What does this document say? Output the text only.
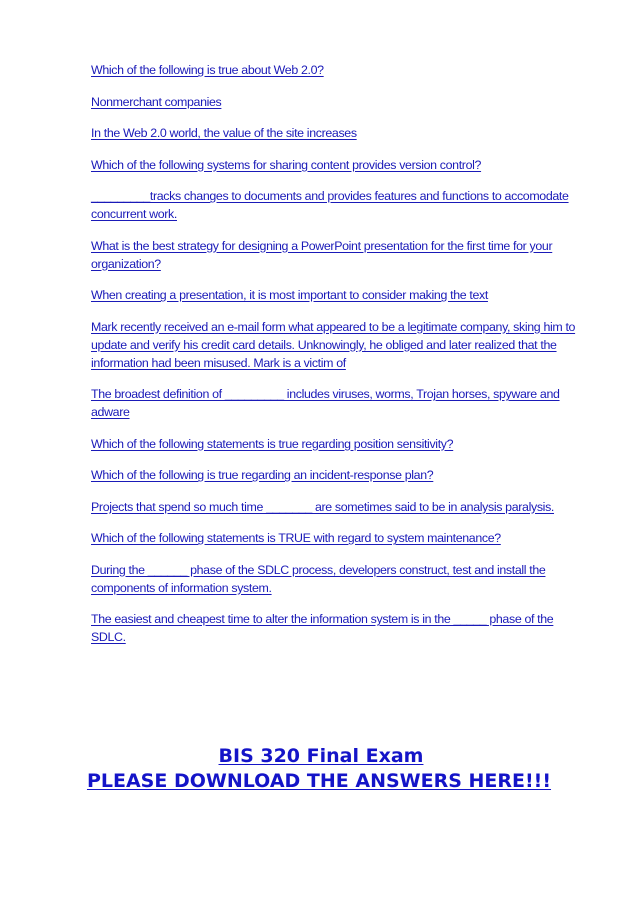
Which of the following is true about Web 2.0?
Nonmerchant companies
In the Web 2.0 world, the value of the site increases
Which of the following systems for sharing content provides version control?
_________tracks changes to documents and provides features and functions to accomodate concurrent work.
What is the best strategy for designing a PowerPoint presentation for the first time for your organization?
When creating a presentation, it is most important to consider making the text
Mark recently received an e-mail form what appeared to be a legitimate company, sking him to update and verify his credit card details. Unknowingly, he obliged and later realized that the information had been misused. Mark is a victim of
The broadest definition of _________ includes viruses, worms, Trojan horses, spyware and adware
Which of the following statements is true regarding position sensitivity?
Which of the following is true regarding an incident-response plan?
Projects that spend so much time _______ are sometimes said to be in analysis paralysis.
Which of the following statements is TRUE with regard to system maintenance?
During the ______ phase of the SDLC process, developers construct, test and install the components of information system.
The easiest and cheapest time to alter the information system is in the _____ phase of the SDLC.
BIS 320 Final Exam
PLEASE DOWNLOAD THE ANSWERS HERE!!!
